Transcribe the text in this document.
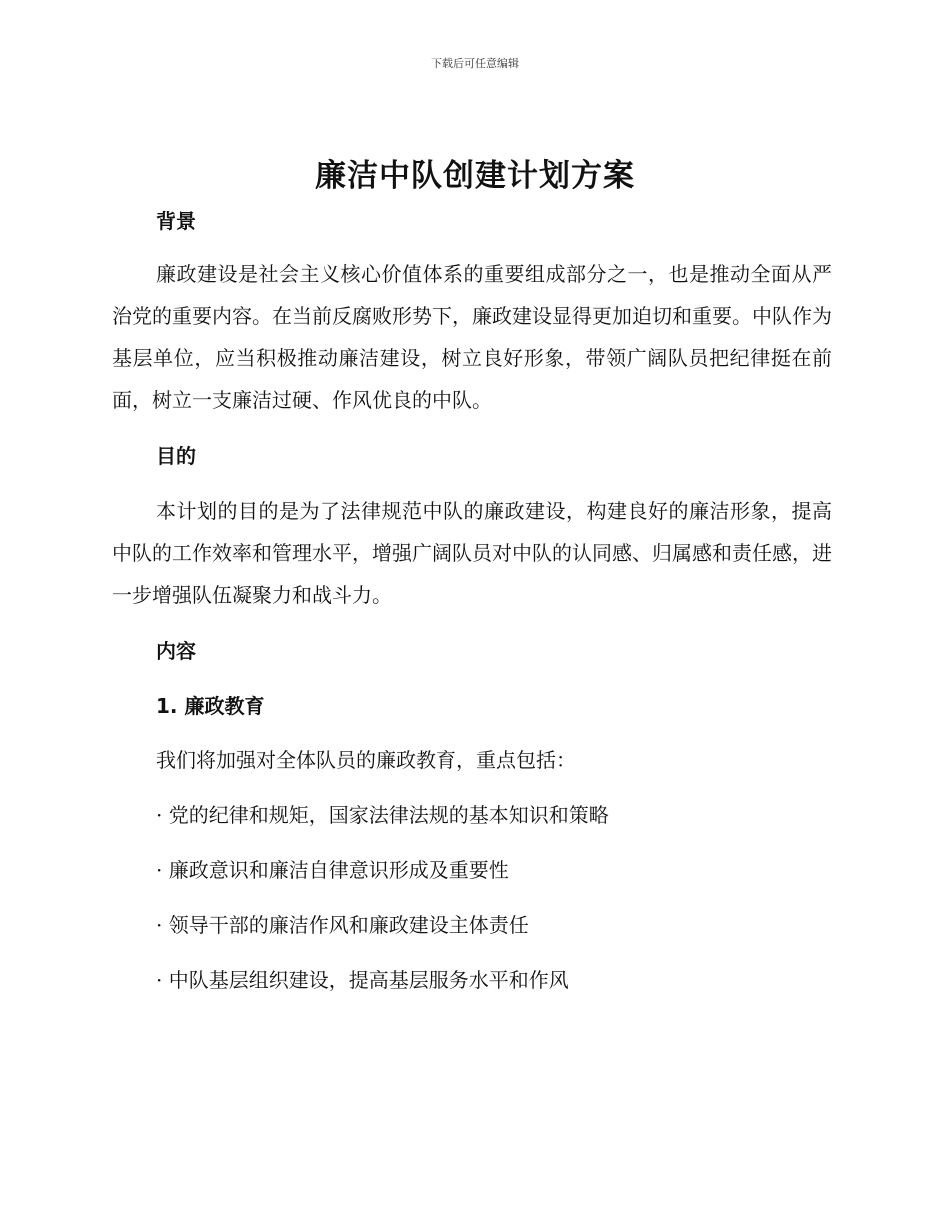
下载后可任意编辑
廉洁中队创建计划方案
背景

廉政建设是社会主义核心价值体系的重要组成部分之一，也是推动全面从严治党的重要内容。在当前反腐败形势下，廉政建设显得更加迫切和重要。中队作为基层单位，应当积极推动廉洁建设，树立良好形象，带领广阔队员把纪律挺在前面，树立一支廉洁过硬、作风优良的中队。

目的

本计划的目的是为了法律规范中队的廉政建设，构建良好的廉洁形象，提高中队的工作效率和管理水平，增强广阔队员对中队的认同感、归属感和责任感，进一步增强队伍凝聚力和战斗力。

内容
1. 廉政教育
我们将加强对全体队员的廉政教育，重点包括：
· 党的纪律和规矩，国家法律法规的基本知识和策略
· 廉政意识和廉洁自律意识形成及重要性
· 领导干部的廉洁作风和廉政建设主体责任
· 中队基层组织建设，提高基层服务水平和作风
